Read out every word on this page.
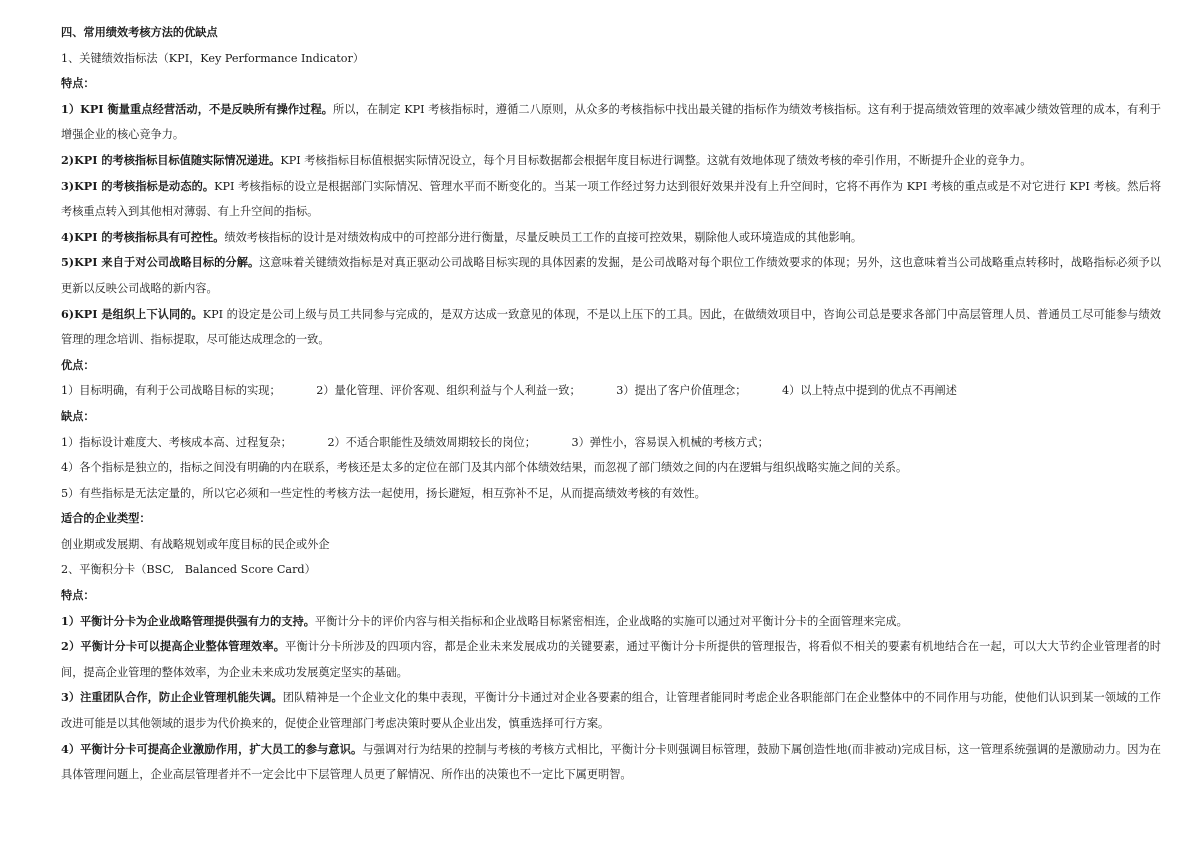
四、常用绩效考核方法的优缺点
1、关键绩效指标法（KPI，Key Performance Indicator）
特点：
1）KPI 衡量重点经营活动，不是反映所有操作过程。所以，在制定 KPI 考核指标时，遵循二八原则，从众多的考核指标中找出最关键的指标作为绩效考核指标。这有利于提高绩效管理的效率减少绩效管理的成本，有利于增强企业的核心竞争力。
2)KPI 的考核指标目标值随实际情况递进。KPI 考核指标目标值根据实际情况设立，每个月目标数据都会根据年度目标进行调整。这就有效地体现了绩效考核的牵引作用，不断提升企业的竞争力。
3)KPI 的考核指标是动态的。KPI 考核指标的设立是根据部门实际情况、管理水平而不断变化的。当某一项工作经过努力达到很好效果并没有上升空间时，它将不再作为 KPI 考核的重点或是不对它进行 KPI 考核。然后将考核重点转入到其他相对薄弱、有上升空间的指标。
4)KPI 的考核指标具有可控性。绩效考核指标的设计是对绩效构成中的可控部分进行衡量，尽量反映员工工作的直接可控效果，剔除他人或环境造成的其他影响。
5)KPI 来自于对公司战略目标的分解。这意味着关键绩效指标是对真正驱动公司战略目标实现的具体因素的发掘，是公司战略对每个职位工作绩效要求的体现；另外，这也意味着当公司战略重点转移时，战略指标必须予以更新以反映公司战略的新内容。
6)KPI 是组织上下认同的。KPI 的设定是公司上级与员工共同参与完成的，是双方达成一致意见的体现，不是以上压下的工具。因此，在做绩效项目中，咨询公司总是要求各部门中高层管理人员、普通员工尽可能参与绩效管理的理念培训、指标提取，尽可能达成理念的一致。
优点：
1）目标明确，有利于公司战略目标的实现；	2）量化管理、评价客观、组织利益与个人利益一致；	3）提出了客户价值理念；	4）以上特点中提到的优点不再阐述
缺点：
1）指标设计难度大、考核成本高、过程复杂；	2）不适合职能性及绩效周期较长的岗位；	3）弹性小，容易误入机械的考核方式；
4）各个指标是独立的，指标之间没有明确的内在联系，考核还是太多的定位在部门及其内部个体绩效结果，而忽视了部门绩效之间的内在逻辑与组织战略实施之间的关系。
5）有些指标是无法定量的，所以它必须和一些定性的考核方法一起使用，扬长避短，相互弥补不足，从而提高绩效考核的有效性。
适合的企业类型：
创业期或发展期、有战略规划或年度目标的民企或外企
2、平衡积分卡（BSC,   Balanced Score Card）
特点：
1）平衡计分卡为企业战略管理提供强有力的支持。平衡计分卡的评价内容与相关指标和企业战略目标紧密相连，企业战略的实施可以通过对平衡计分卡的全面管理来完成。
2）平衡计分卡可以提高企业整体管理效率。平衡计分卡所涉及的四项内容，都是企业未来发展成功的关键要素，通过平衡计分卡所提供的管理报告，将看似不相关的要素有机地结合在一起，可以大大节约企业管理者的时间，提高企业管理的整体效率，为企业未来成功发展奠定坚实的基础。
3）注重团队合作，防止企业管理机能失调。团队精神是一个企业文化的集中表现，平衡计分卡通过对企业各要素的组合，让管理者能同时考虑企业各职能部门在企业整体中的不同作用与功能，使他们认识到某一领域的工作改进可能是以其他领域的退步为代价换来的，促使企业管理部门考虑决策时要从企业出发，慎重选择可行方案。
4）平衡计分卡可提高企业激励作用，扩大员工的参与意识。与强调对行为结果的控制与考核的考核方式相比，平衡计分卡则强调目标管理，鼓励下属创造性地(而非被动)完成目标，这一管理系统强调的是激励动力。因为在具体管理问题上，企业高层管理者并不一定会比中下层管理人员更了解情况、所作出的决策也不一定比下属更明智。
